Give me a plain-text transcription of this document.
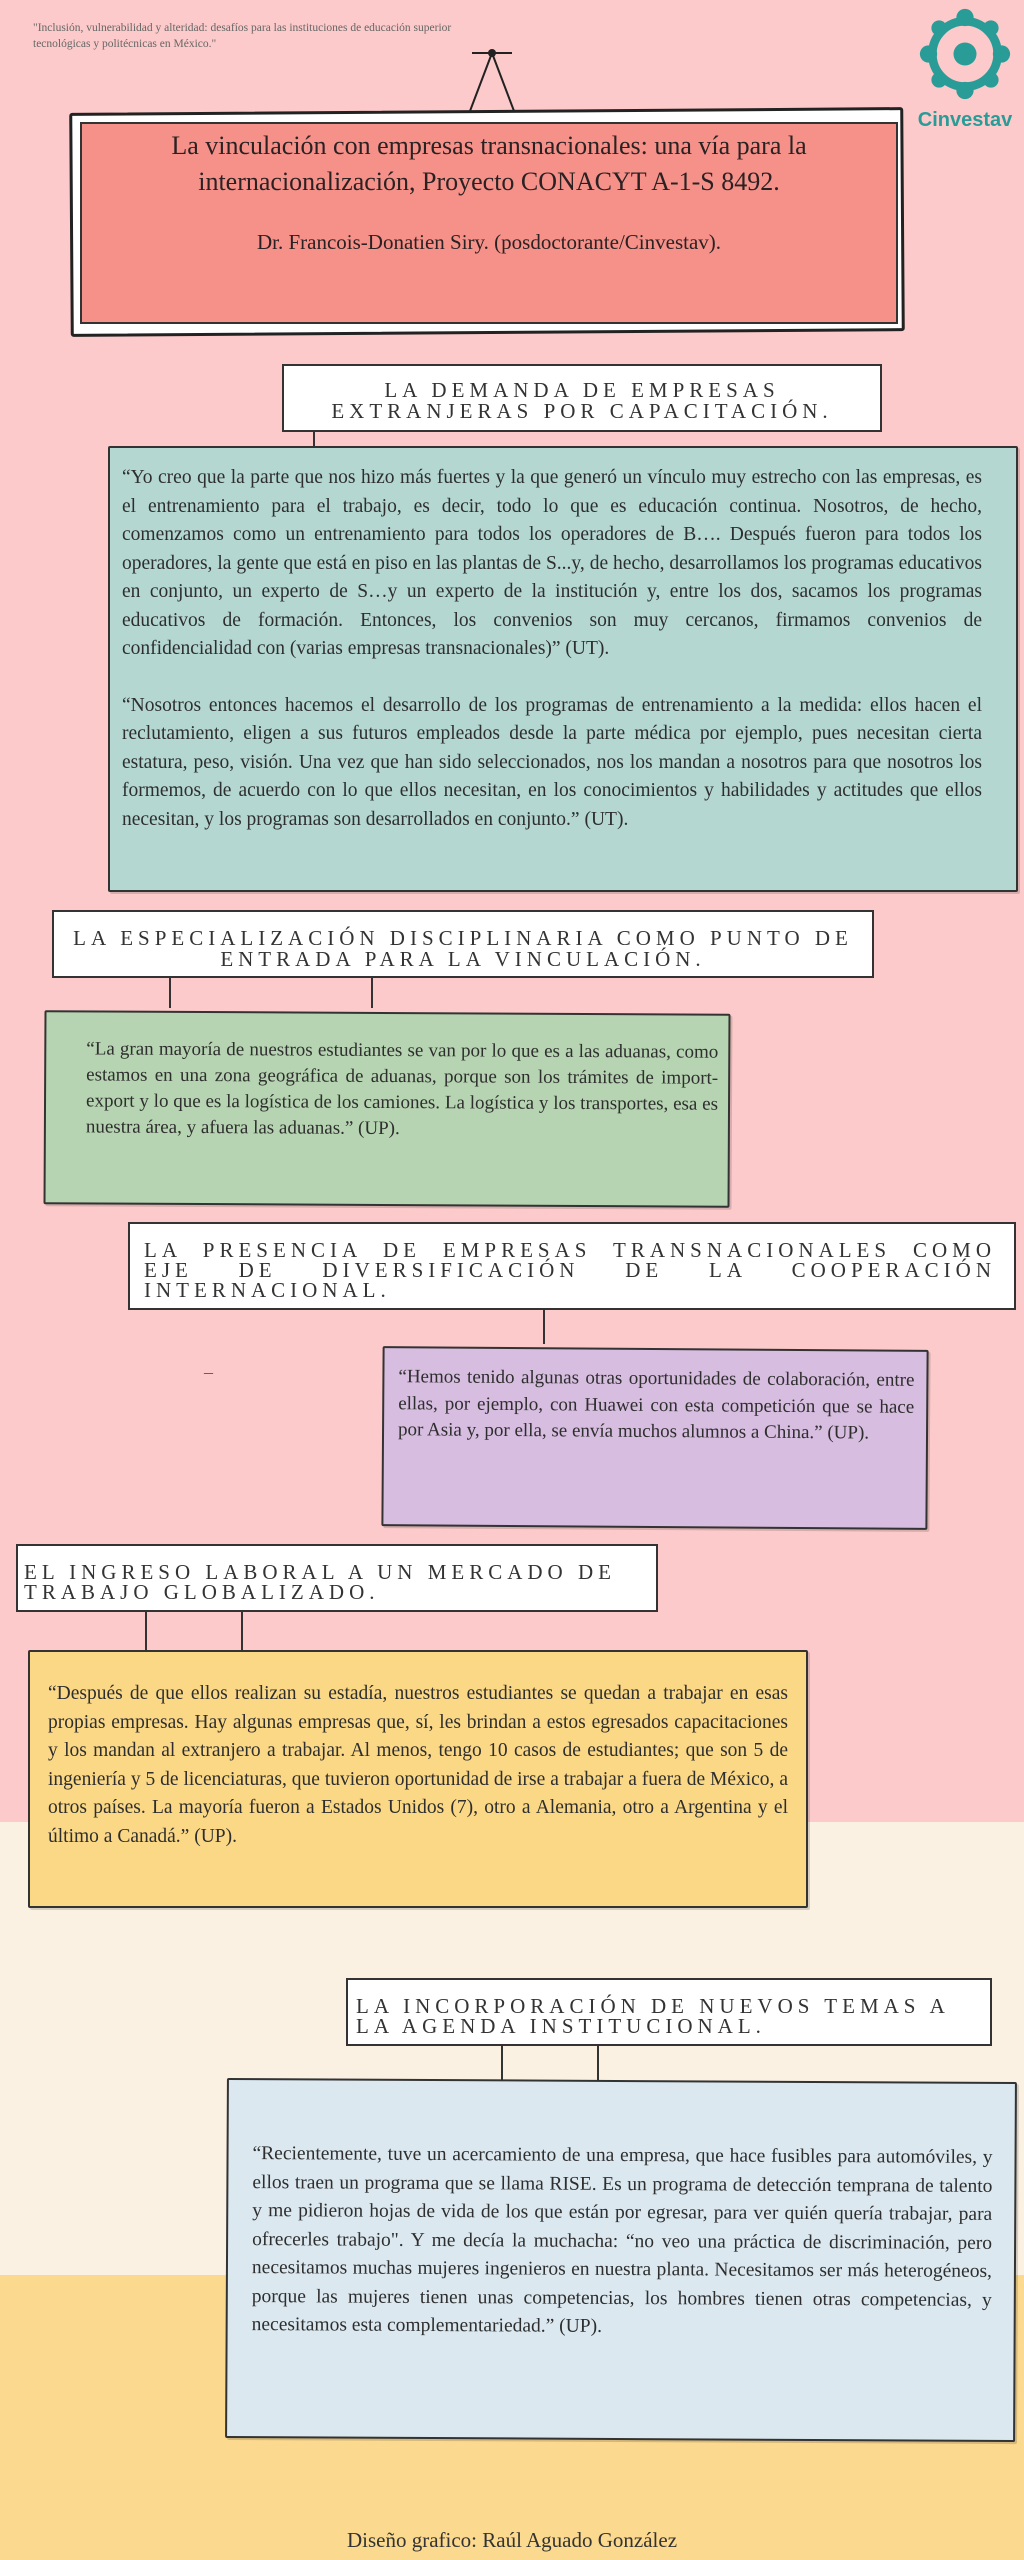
"Inclusión, vulnerabilidad y alteridad: desafíos para las instituciones de educación superior tecnológicas y politécnicas en México."
Cinvestav
La vinculación con empresas transnacionales: una vía para la internacionalización, Proyecto CONACYT A-1-S 8492.
Dr. Francois-Donatien Siry. (posdoctorante/Cinvestav).
LA DEMANDA DE EMPRESAS EXTRANJERAS POR CAPACITACIÓN.

“Yo creo que la parte que nos hizo más fuertes y la que generó un vínculo muy estrecho con las empresas, es el entrenamiento para el trabajo, es decir, todo lo que es educación continua. Nosotros, de hecho, comenzamos como un entrenamiento para todos los operadores de B…. Después fueron para todos los operadores, la gente que está en piso en las plantas de S...y, de hecho, desarrollamos los programas educativos en conjunto, un experto de S…y un experto de la institución y, entre los dos, sacamos los programas educativos de formación. Entonces, los convenios son muy cercanos, firmamos convenios de confidencialidad con (varias empresas transnacionales)” (UT).

“Nosotros entonces hacemos el desarrollo de los programas de entrenamiento a la medida: ellos hacen el reclutamiento, eligen a sus futuros empleados desde la parte médica por ejemplo, pues necesitan cierta estatura, peso, visión. Una vez que han sido seleccionados, nos los mandan a nosotros para que nosotros los formemos, de acuerdo con lo que ellos necesitan, en los conocimientos y habilidades y actitudes que ellos necesitan, y los programas son desarrollados en conjunto.” (UT).

LA ESPECIALIZACIÓN DISCIPLINARIA COMO PUNTO DE ENTRADA PARA LA VINCULACIÓN.

“La gran mayoría de nuestros estudiantes se van por lo que es a las aduanas, como estamos en una zona geográfica de aduanas, porque son los trámites de import-export y lo que es la logística de los camiones. La logística y los transportes, esa es nuestra área, y afuera las aduanas.” (UP).

LA PRESENCIA DE EMPRESAS TRANSNACIONALES COMO EJE DE DIVERSIFICACIÓN DE LA COOPERACIÓN INTERNACIONAL.
–	“Hemos tenido algunas otras oportunidades de colaboración, entre ellas, por ejemplo, con Huawei con esta competición que se hace por Asia y, por ella, se envía muchos alumnos a China.” (UP).

EL INGRESO LABORAL A UN MERCADO DE TRABAJO GLOBALIZADO.

“Después de que ellos realizan su estadía, nuestros estudiantes se quedan a trabajar en esas propias empresas. Hay algunas empresas que, sí, les brindan a estos egresados capacitaciones y los mandan al extranjero a trabajar. Al menos, tengo 10 casos de estudiantes; que son 5 de ingeniería y 5 de licenciaturas, que tuvieron oportunidad de irse a trabajar a fuera de México, a otros países. La mayoría fueron a Estados Unidos (7), otro a Alemania, otro a Argentina y el último a Canadá.” (UP).

LA INCORPORACIÓN DE NUEVOS TEMAS A LA AGENDA INSTITUCIONAL.

“Recientemente, tuve un acercamiento de una empresa, que hace fusibles para automóviles, y ellos traen un programa que se llama RISE. Es un programa de detección temprana de talento y me pidieron hojas de vida de los que están por egresar, para ver quién quería trabajar, para ofrecerles trabajo". Y me decía la muchacha: “no veo una práctica de discriminación, pero necesitamos muchas mujeres ingenieros en nuestra planta. Necesitamos ser más heterogéneos, porque las mujeres tienen unas competencias, los hombres tienen otras competencias, y necesitamos esta complementariedad.” (UP).

Diseño grafico: Raúl Aguado González
